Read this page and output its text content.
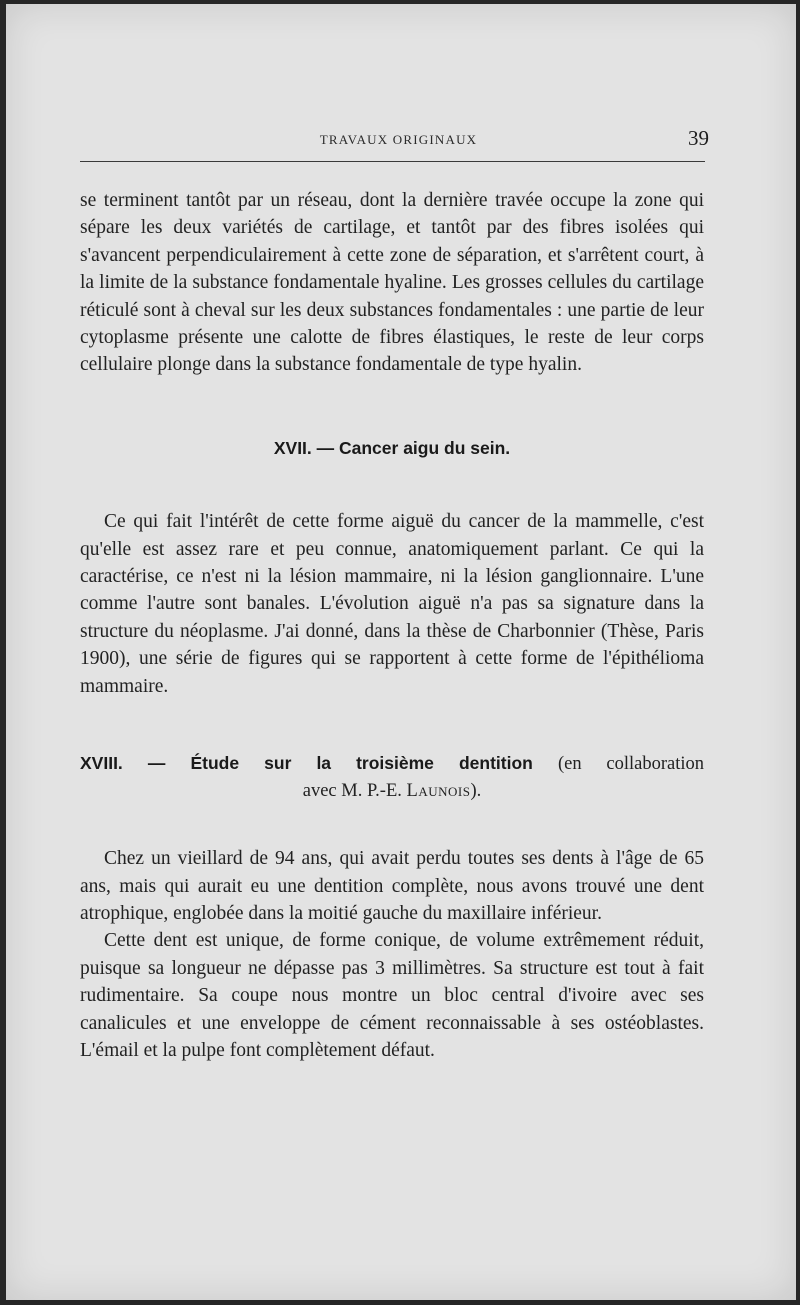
TRAVAUX ORIGINAUX	39

se terminent tantôt par un réseau, dont la dernière travée occupe la zone qui sépare les deux variétés de cartilage, et tantôt par des fibres isolées qui s'avancent perpendiculairement à cette zone de séparation, et s'arrêtent court, à la limite de la substance fondamentale hyaline. Les grosses cellules du cartilage réticulé sont à cheval sur les deux substances fondamentales : une partie de leur cytoplasme présente une calotte de fibres élastiques, le reste de leur corps cellulaire plonge dans la substance fondamentale de type hyalin.

XVII. — Cancer aigu du sein.

Ce qui fait l'intérêt de cette forme aiguë du cancer de la mammelle, c'est qu'elle est assez rare et peu connue, anatomiquement parlant. Ce qui la caractérise, ce n'est ni la lésion mammaire, ni la lésion ganglionnaire. L'une comme l'autre sont banales. L'évolution aiguë n'a pas sa signature dans la structure du néoplasme. J'ai donné, dans la thèse de Charbonnier (Thèse, Paris 1900), une série de figures qui se rapportent à cette forme de l'épithélioma mammaire.

XVIII. — Étude sur la troisième dentition (en collaboration
avec M. P.-E. Launois).

Chez un vieillard de 94 ans, qui avait perdu toutes ses dents à l'âge de 65 ans, mais qui aurait eu une dentition complète, nous avons trouvé une dent atrophique, englobée dans la moitié gauche du maxillaire inférieur.

Cette dent est unique, de forme conique, de volume extrêmement réduit, puisque sa longueur ne dépasse pas 3 millimètres. Sa structure est tout à fait rudimentaire. Sa coupe nous montre un bloc central d'ivoire avec ses canalicules et une enveloppe de cément reconnaissable à ses ostéoblastes. L'émail et la pulpe font complètement défaut.
